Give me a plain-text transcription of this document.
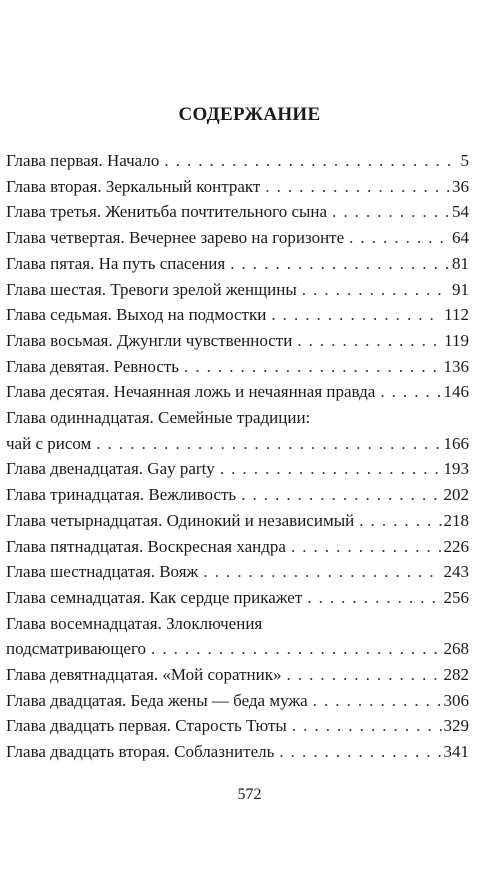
СОДЕРЖАНИЕ
Глава первая. Начало . . .	5
Глава вторая. Зеркальный контракт . . .	36
Глава третья. Женитьба почтительного сына . . .	54
Глава четвертая. Вечернее зарево на горизонте . . .	64
Глава пятая. На путь спасения . . .	81
Глава шестая. Тревоги зрелой женщины . . .	91
Глава седьмая. Выход на подмостки . . .	112
Глава восьмая. Джунгли чувственности . . .	119
Глава девятая. Ревность . . .	136
Глава десятая. Нечаянная ложь и нечаянная правда . . .	146
Глава одиннадцатая. Семейные традиции:
чай с рисом . . .	166
Глава двенадцатая. Gay party . . .	193
Глава тринадцатая. Вежливость . . .	202
Глава четырнадцатая. Одинокий и независимый . . .	218
Глава пятнадцатая. Воскресная хандра . . .	226
Глава шестнадцатая. Вояж . . .	243
Глава семнадцатая. Как сердце прикажет . . .	256
Глава восемнадцатая. Злоключения
подсматривающего . . .	268
Глава девятнадцатая. «Мой соратник» . . .	282
Глава двадцатая. Беда жены — беда мужа . . .	306
Глава двадцать первая. Старость Тюты . . .	329
Глава двадцать вторая. Соблазнитель . . .	341
572
